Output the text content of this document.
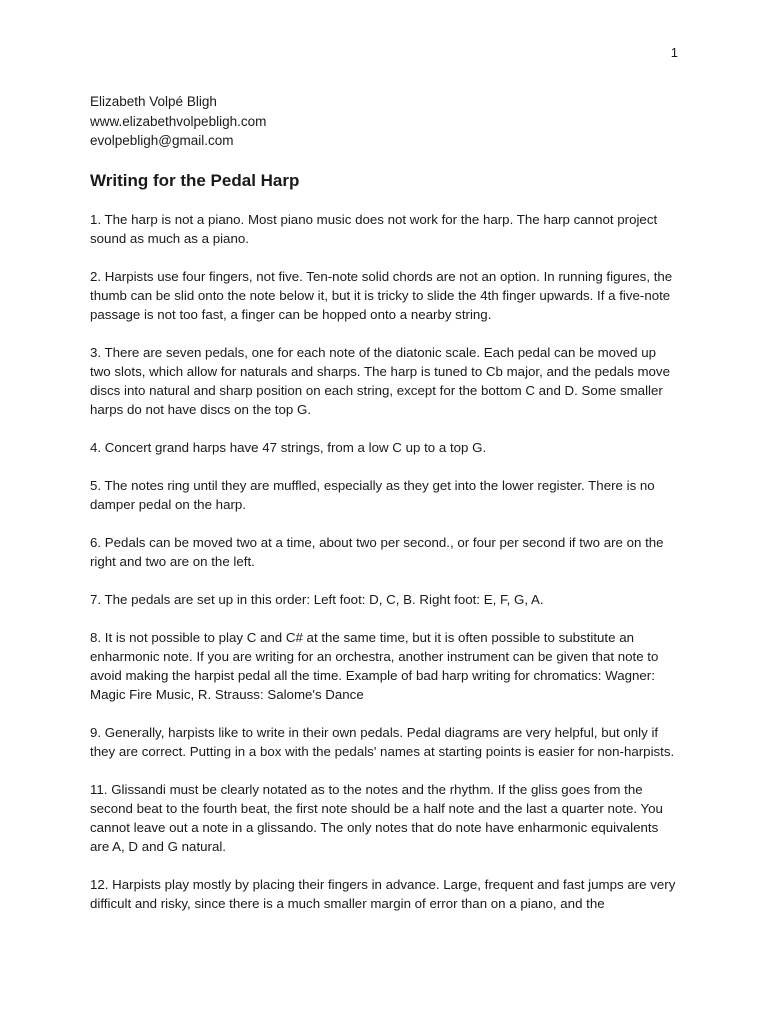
1
Elizabeth Volpé Bligh
www.elizabethvolpebligh.com
evolpebligh@gmail.com
Writing for the Pedal Harp

1. The harp is not a piano. Most piano music does not work for the harp. The harp cannot project sound as much as a piano.

2. Harpists use four fingers, not five. Ten-note solid chords are not an option. In running figures, the thumb can be slid onto the note below it, but it is tricky to slide the 4th finger upwards. If a five-note passage is not too fast, a finger can be hopped onto a nearby string.

3. There are seven pedals, one for each note of the diatonic scale. Each pedal can be moved up two slots, which allow for naturals and sharps. The harp is tuned to Cb major, and the pedals move discs into natural and sharp position on each string, except for the bottom C and D. Some smaller harps do not have discs on the top G.

4. Concert grand harps have 47 strings, from a low C up to a top G.

5. The notes ring until they are muffled, especially as they get into the lower register. There is no damper pedal on the harp.

6. Pedals can be moved two at a time, about two per second., or four per second if two are on the right and two are on the left.

7. The pedals are set up in this order: Left foot: D, C, B. Right foot: E, F, G, A.

8. It is not possible to play C and C# at the same time, but it is often possible to substitute an enharmonic note. If you are writing for an orchestra, another instrument can be given that note to avoid making the harpist pedal all the time. Example of bad harp writing for chromatics: Wagner: Magic Fire Music, R. Strauss: Salome's Dance

9. Generally, harpists like to write in their own pedals. Pedal diagrams are very helpful, but only if they are correct. Putting in a box with the pedals' names at starting points is easier for non-harpists.

11. Glissandi must be clearly notated as to the notes and the rhythm. If the gliss goes from the second beat to the fourth beat, the first note should be a half note and the last a quarter note. You cannot leave out a note in a glissando. The only notes that do note have enharmonic equivalents are A, D and G natural.

12. Harpists play mostly by placing their fingers in advance. Large, frequent and fast jumps are very difficult and risky, since there is a much smaller margin of error than on a piano, and the
